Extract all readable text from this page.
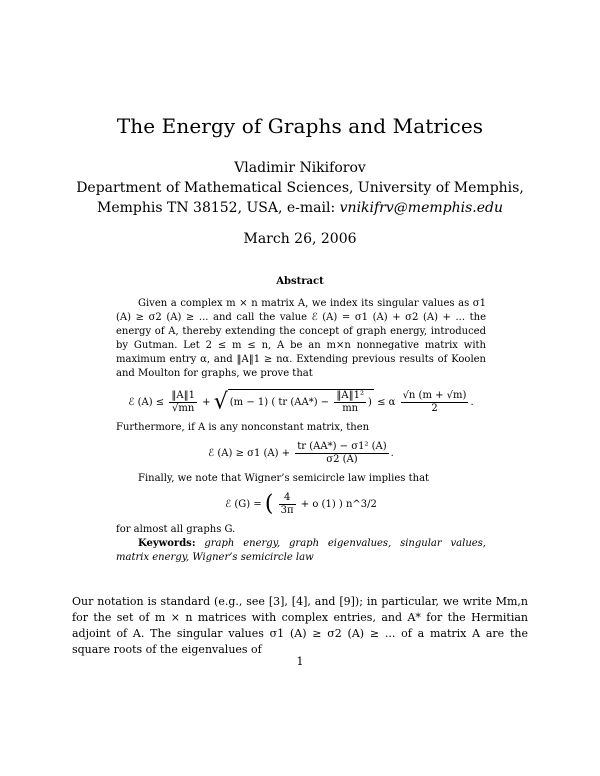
The Energy of Graphs and Matrices
Vladimir Nikiforov
Department of Mathematical Sciences, University of Memphis,
Memphis TN 38152, USA, e-mail: vnikifrv@memphis.edu
March 26, 2006
Abstract

Given a complex m × n matrix A, we index its singular values as σ1 (A) ≥ σ2 (A) ≥ ... and call the value ℰ (A) = σ1 (A) + σ2 (A) + ... the energy of A, thereby extending the concept of graph energy, introduced by Gutman. Let 2 ≤ m ≤ n, A be an m×n nonnegative matrix with maximum entry α, and ‖A‖1 ≥ nα. Extending previous results of Koolen and Moulton for graphs, we prove that

ℰ $(A) \le \frac{‖A‖1}{√mn}$ + √ (m − 1) ( tr $(AA*) - \frac{\text{‖A‖1²}}{mn}$ ) ≤ α $\frac{√n (m + √m)}{2}$ .

Furthermore, if A is any nonconstant matrix, then

ℰ (A) ≥ σ1 $(A) + \frac{\text{tr (AA*) − σ1² (A)}}{\sigma 2 (A)}$ .

Finally, we note that Wigner’s semicircle law implies that

ℰ (G) = ( $\frac{4}{3\pi} + o$ (1) ) n^3/2

for almost all graphs G.

Keywords: graph energy, graph eigenvalues, singular values, matrix energy, Wigner’s semicircle law

Our notation is standard (e.g., see [3], [4], and [9]); in particular, we write Mm,n for the set of m × n matrices with complex entries, and A* for the Hermitian adjoint of A. The singular values σ1 (A) ≥ σ2 (A) ≥ ... of a matrix A are the square roots of the eigenvalues of
1
